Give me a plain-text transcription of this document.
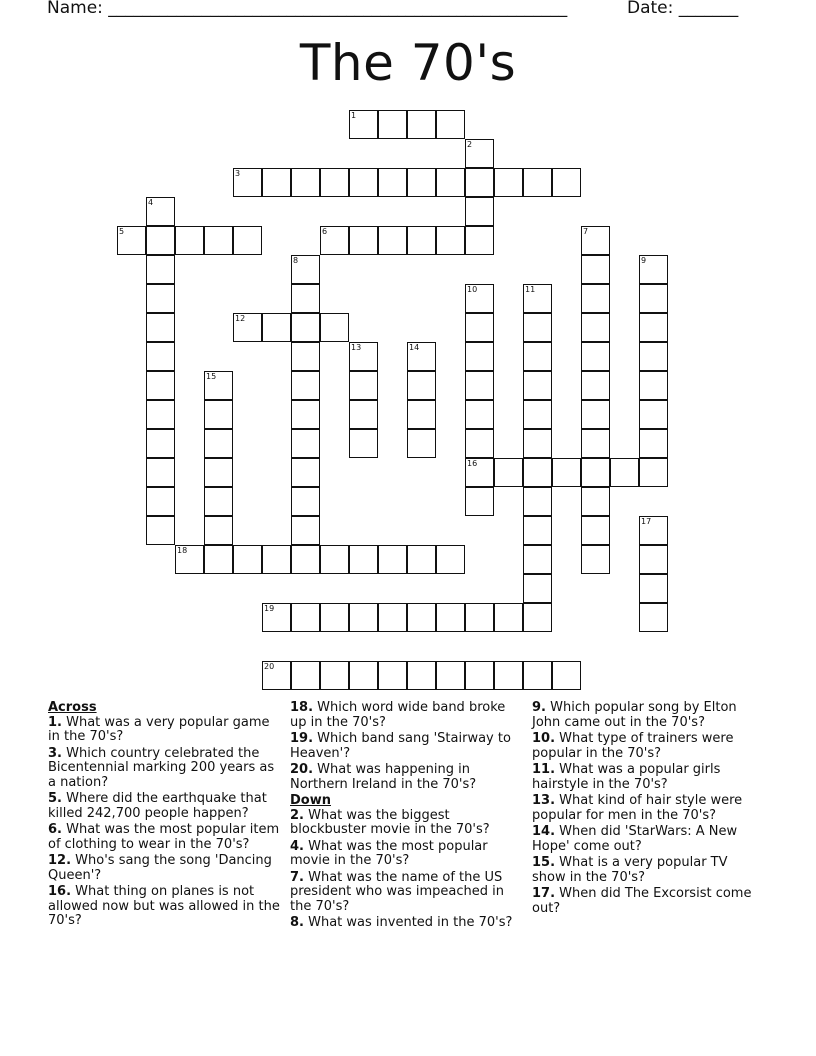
Name: ______________________________________________________	Date: _______
The 70's
1
2
3
4
5	6	7
8	9
10	11
12
13	14
15
16
17
18
19
20
Across
1. What was a very popular game in the 70's?
3. Which country celebrated the Bicentennial marking 200 years as a nation?
5. Where did the earthquake that killed 242,700 people happen?
6. What was the most popular item of clothing to wear in the 70's?
12. Who's sang the song 'Dancing Queen'?
16. What thing on planes is not allowed now but was allowed in the 70's?
18. Which word wide band broke up in the 70's?
19. Which band sang 'Stairway to Heaven'?
20. What was happening in Northern Ireland in the 70's?
Down
2. What was the biggest blockbuster movie in the 70's?
4. What was the most popular movie in the 70's?
7. What was the name of the US president who was impeached in the 70's?
8. What was invented in the 70's?
9. Which popular song by Elton John came out in the 70's?
10. What type of trainers were popular in the 70's?
11. What was a popular girls hairstyle in the 70's?
13. What kind of hair style were popular for men in the 70's?
14. When did 'StarWars: A New Hope' come out?
15. What is a very popular TV show in the 70's?
17. When did The Excorsist come out?
